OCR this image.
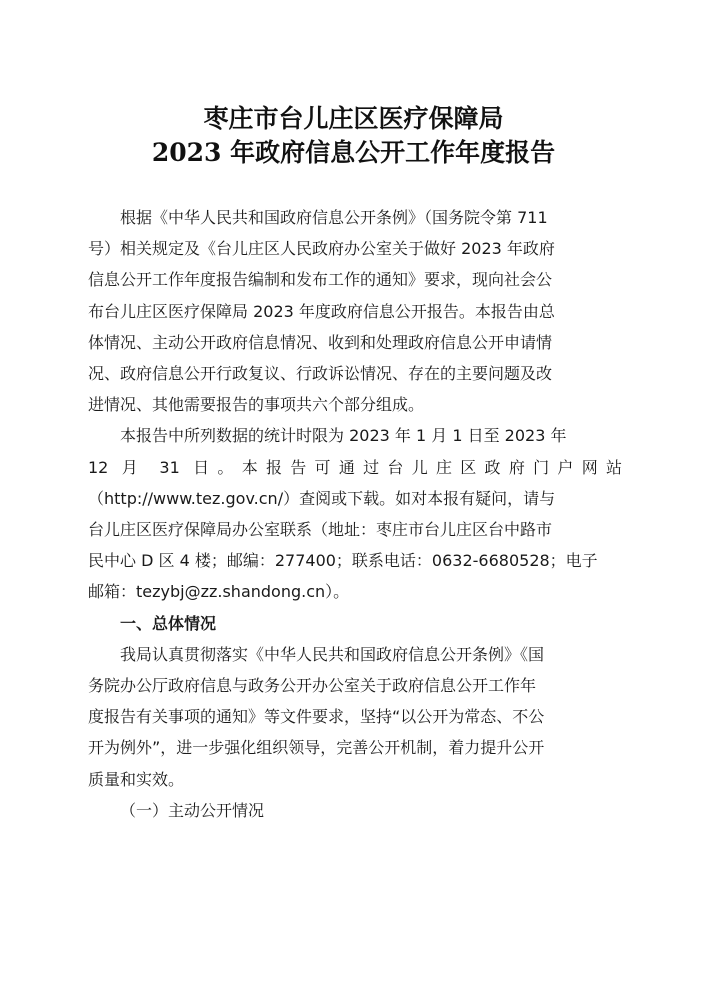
枣庄市台儿庄区医疗保障局
2023 年政府信息公开工作年度报告
根据《中华人民共和国政府信息公开条例》（国务院令第 711
号）相关规定及《台儿庄区人民政府办公室关于做好 2023 年政府
信息公开工作年度报告编制和发布工作的通知》要求，现向社会公
布台儿庄区医疗保障局 2023 年度政府信息公开报告。本报告由总
体情况、主动公开政府信息情况、收到和处理政府信息公开申请情
况、政府信息公开行政复议、行政诉讼情况、存在的主要问题及改
进情况、其他需要报告的事项共六个部分组成。
本报告中所列数据的统计时限为 2023 年 1 月 1 日至 2023 年
12 月 31 日。本报告可通过台儿庄区政府门户网站
（http://www.tez.gov.cn/）查阅或下载。如对本报有疑问，请与
台儿庄区医疗保障局办公室联系（地址：枣庄市台儿庄区台中路市
民中心 D 区 4 楼；邮编：277400；联系电话：0632-6680528；电子
邮箱：tezybj@zz.shandong.cn）。
一、总体情况
我局认真贯彻落实《中华人民共和国政府信息公开条例》《国
务院办公厅政府信息与政务公开办公室关于政府信息公开工作年
度报告有关事项的通知》等文件要求，坚持“以公开为常态、不公
开为例外”，进一步强化组织领导，完善公开机制，着力提升公开
质量和实效。
（一）主动公开情况
